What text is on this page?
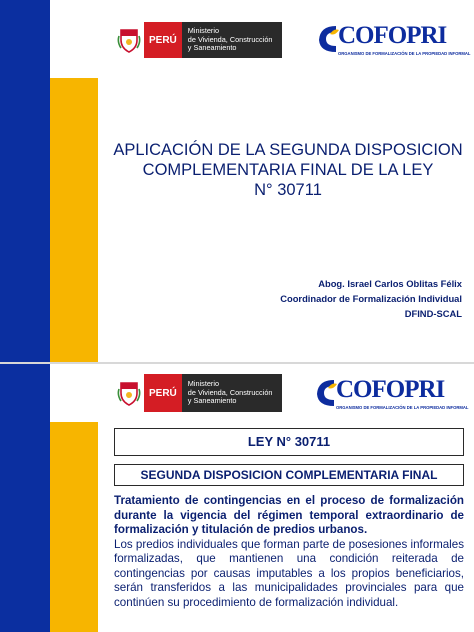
PERÚ
Ministerio
de Vivienda, Construcción
y Saneamiento	COFOPRI
ORGANISMO DE FORMALIZACIÓN DE LA PROPIEDAD INFORMAL
APLICACIÓN DE LA SEGUNDA DISPOSICION
COMPLEMENTARIA FINAL DE LA LEY
N° 30711
Abog. Israel Carlos Oblitas Félix
Coordinador de Formalización Individual
DFIND-SCAL
PERÚ
Ministerio
de Vivienda, Construcción
y Saneamiento	COFOPRI
ORGANISMO DE FORMALIZACIÓN DE LA PROPIEDAD INFORMAL
LEY N° 30711
SEGUNDA DISPOSICION COMPLEMENTARIA FINAL
Tratamiento de contingencias en el proceso de formalización durante la vigencia del régimen temporal extraordinario de formalización y titulación de predios urbanos.
Los predios individuales que forman parte de posesiones informales formalizadas, que mantienen una condición reiterada de contingencias por causas imputables a los propios beneficiarios, serán transferidos a las municipalidades provinciales para que continúen su procedimiento de formalización individual.
